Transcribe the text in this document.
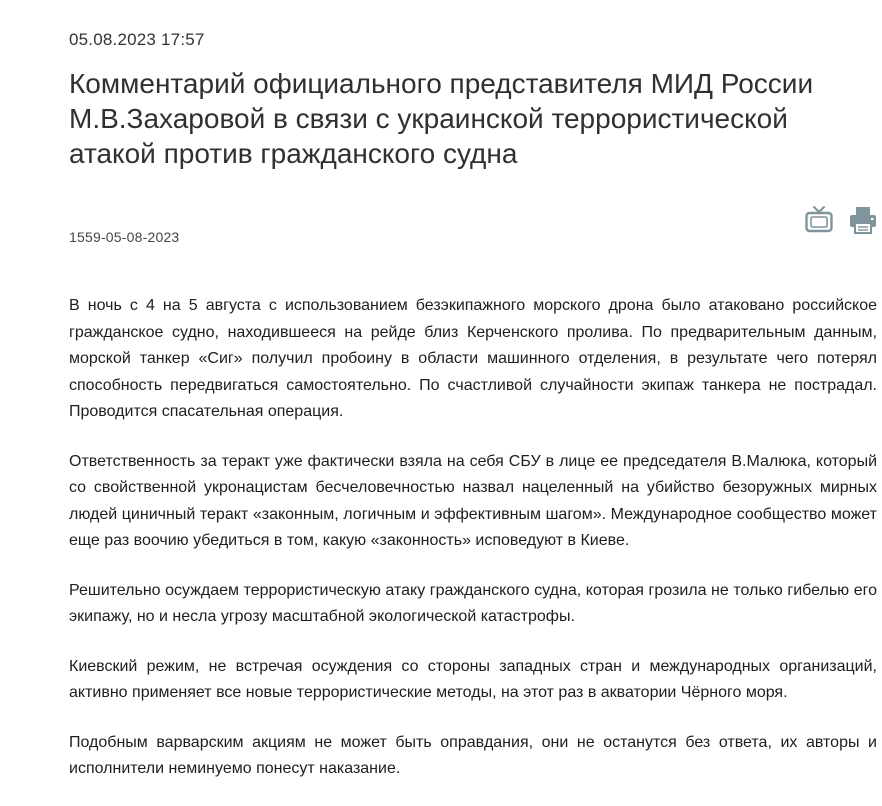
05.08.2023 17:57
Комментарий официального представителя МИД России М.В.Захаровой в связи с украинской террористической атакой против гражданского судна
1559-05-08-2023

В ночь с 4 на 5 августа с использованием безэкипажного морского дрона было атаковано российское гражданское судно, находившееся на рейде близ Керченского пролива. По предварительным данным, морской танкер «Сиг» получил пробоину в области машинного отделения, в результате чего потерял способность передвигаться самостоятельно. По счастливой случайности экипаж танкера не пострадал. Проводится спасательная операция.

Ответственность за теракт уже фактически взяла на себя СБУ в лице ее председателя В.Малюка, который со свойственной укронацистам бесчеловечностью назвал нацеленный на убийство безоружных мирных людей циничный теракт «законным, логичным и эффективным шагом». Международное сообщество может еще раз воочию убедиться в том, какую «законность» исповедуют в Киеве.

Решительно осуждаем террористическую атаку гражданского судна, которая грозила не только гибелью его экипажу, но и несла угрозу масштабной экологической катастрофы.

Киевский режим, не встречая осуждения со стороны западных стран и международных организаций, активно применяет все новые террористические методы, на этот раз в акватории Чёрного моря.

Подобным варварским акциям не может быть оправдания, они не останутся без ответа, их авторы и исполнители неминуемо понесут наказание.
